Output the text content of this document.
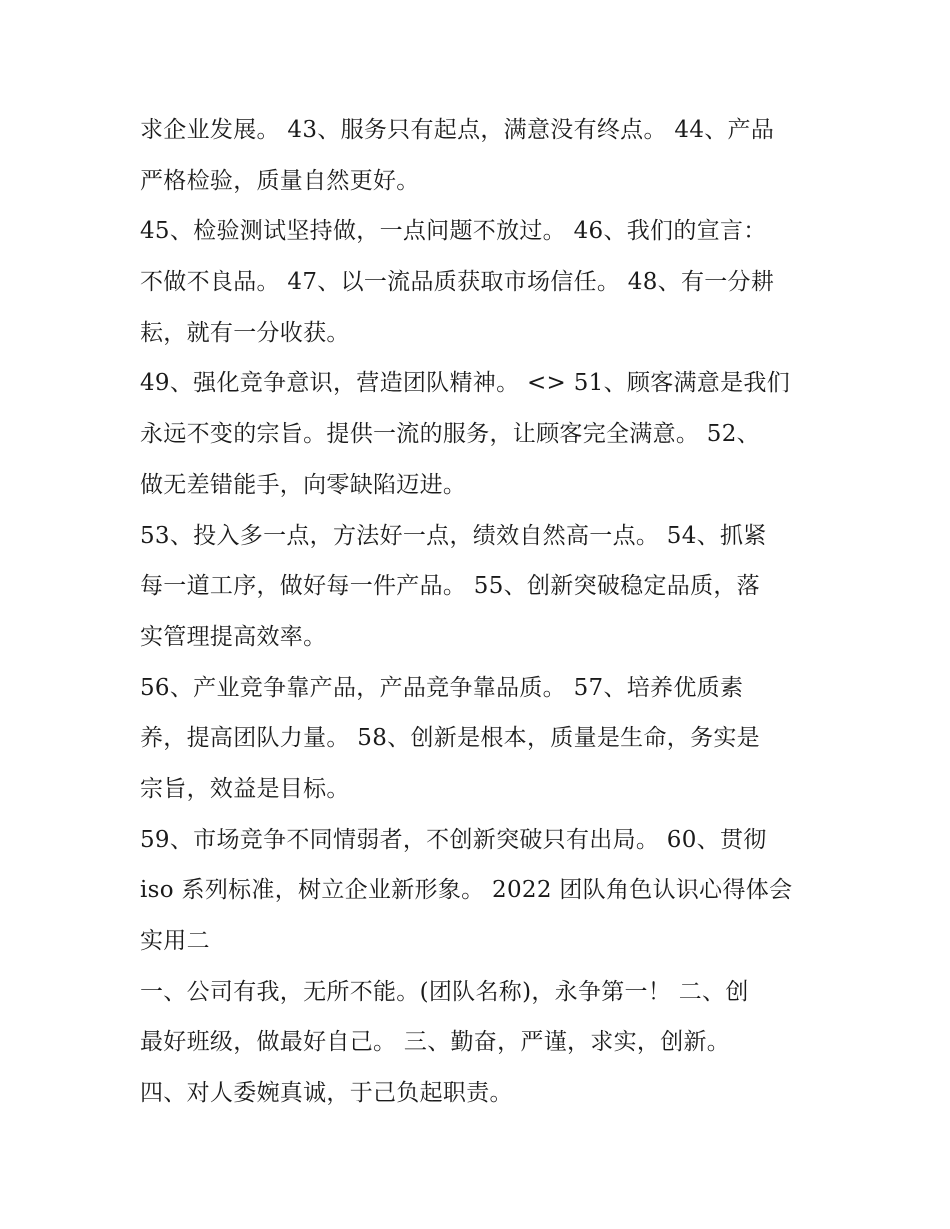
求企业发展。 43、服务只有起点，满意没有终点。 44、产品
严格检验，质量自然更好。
45、检验测试坚持做，一点问题不放过。 46、我们的宣言：
不做不良品。 47、以一流品质获取市场信任。 48、有一分耕
耘，就有一分收获。
49、强化竞争意识，营造团队精神。 <> 51、顾客满意是我们
永远不变的宗旨。提供一流的服务，让顾客完全满意。 52、
做无差错能手，向零缺陷迈进。
53、投入多一点，方法好一点，绩效自然高一点。 54、抓紧
每一道工序，做好每一件产品。 55、创新突破稳定品质，落
实管理提高效率。
56、产业竞争靠产品，产品竞争靠品质。 57、培养优质素
养，提高团队力量。 58、创新是根本，质量是生命，务实是
宗旨，效益是目标。
59、市场竞争不同情弱者，不创新突破只有出局。 60、贯彻
iso 系列标准，树立企业新形象。 2022 团队角色认识心得体会
实用二
一、公司有我，无所不能。(团队名称)，永争第一！ 二、创
最好班级，做最好自己。 三、勤奋，严谨，求实，创新。
四、对人委婉真诚，于己负起职责。
